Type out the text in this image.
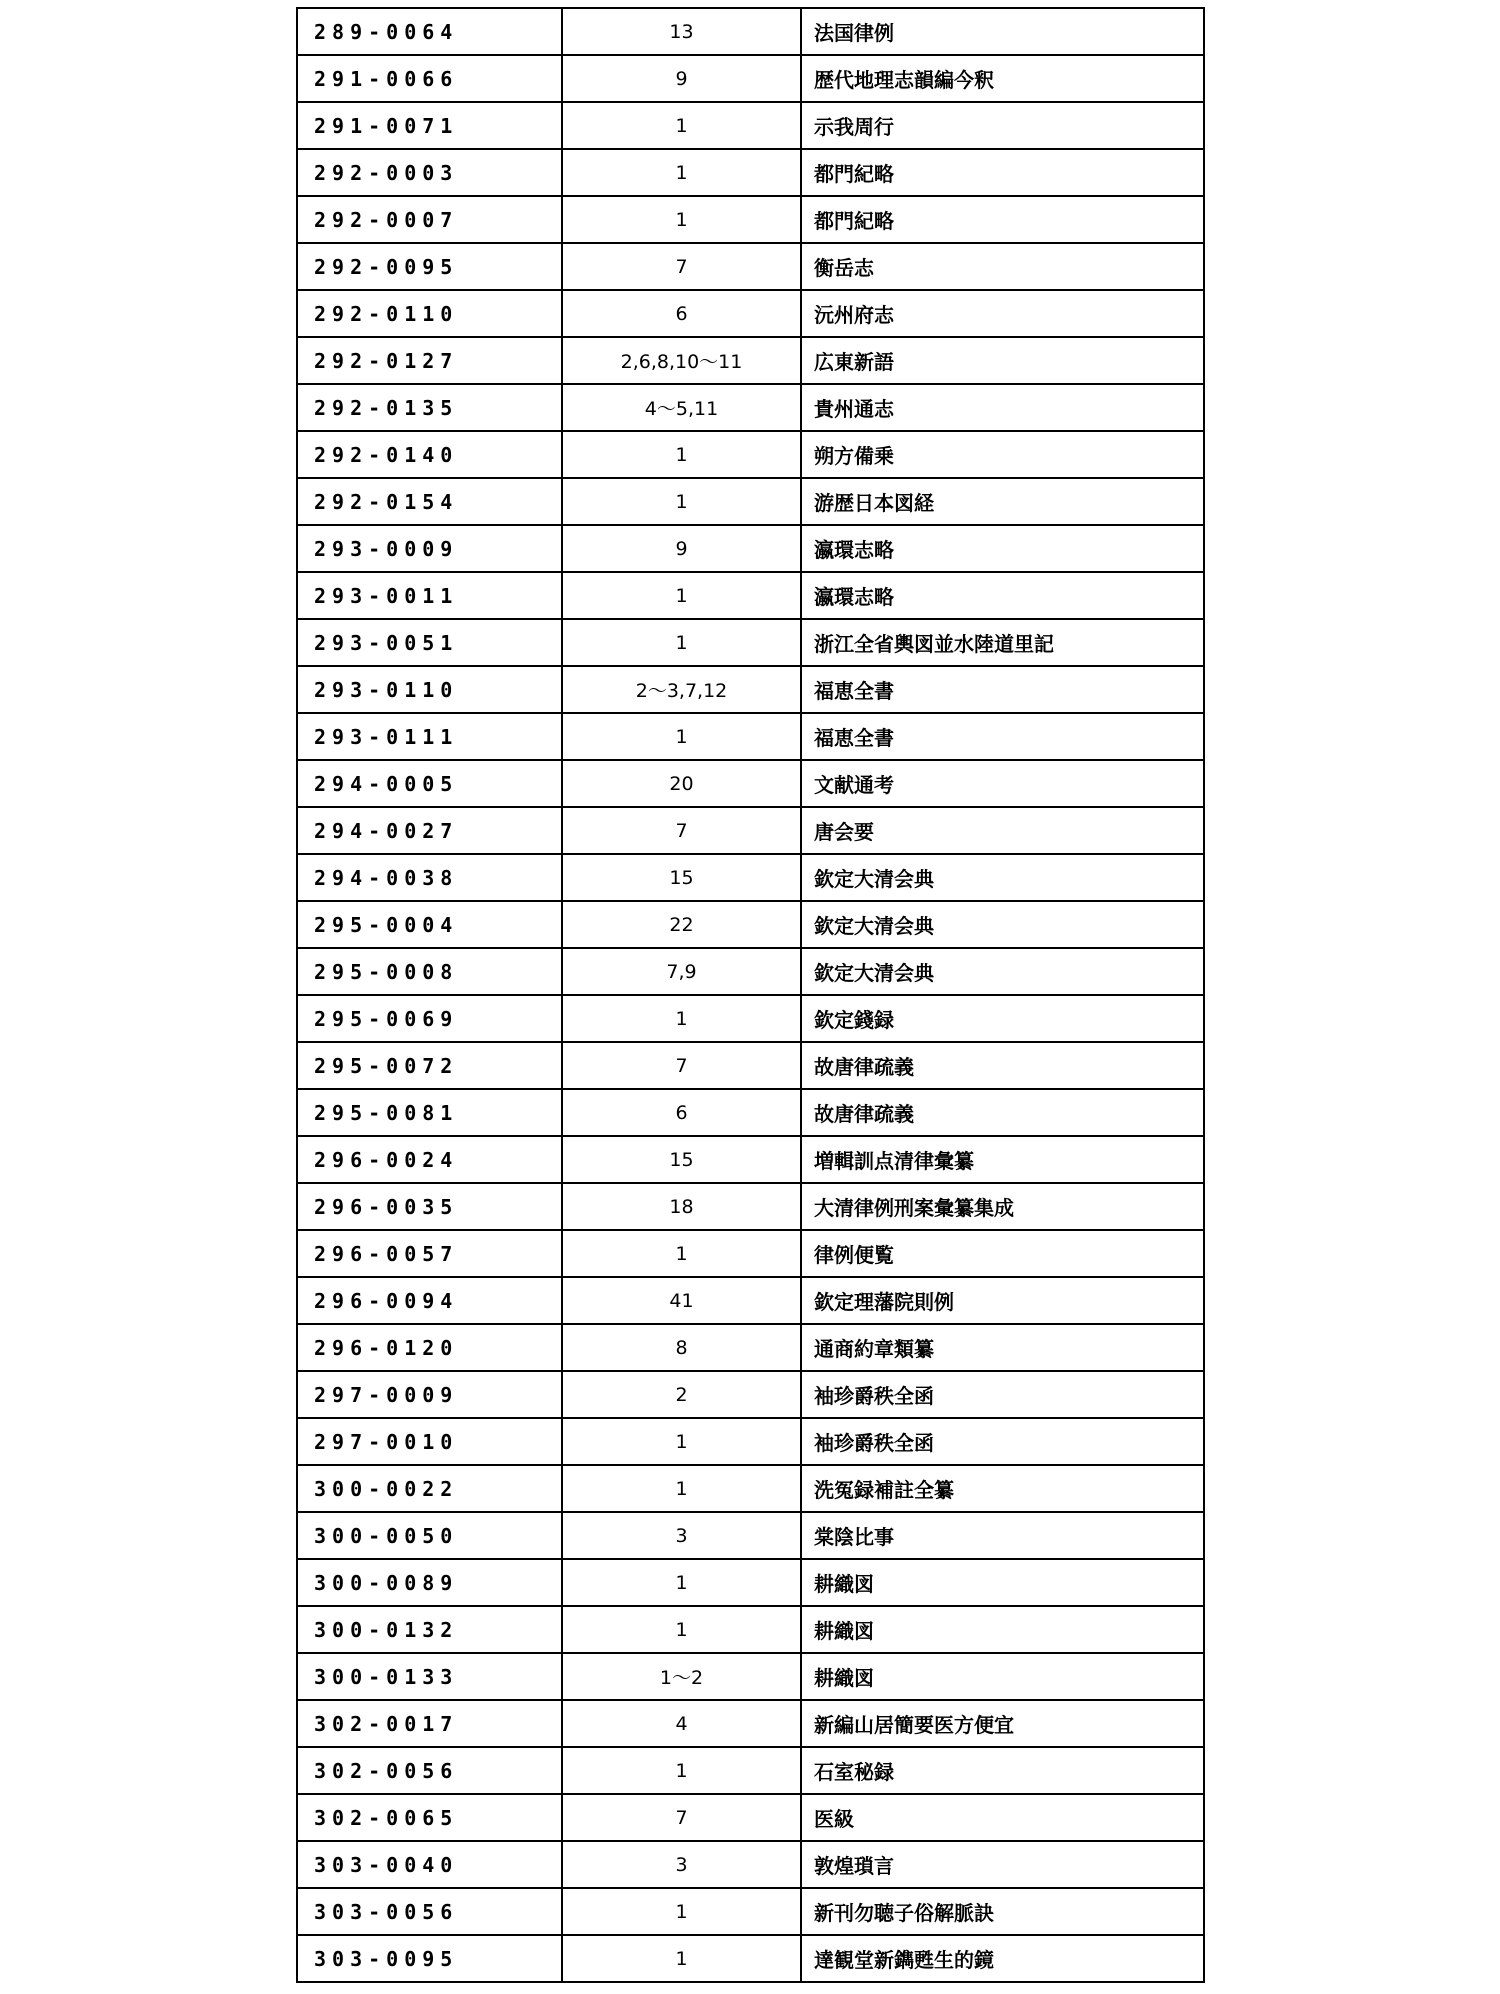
289-0064	13	法国律例
291-0066	9	歴代地理志韻編今釈
291-0071	1	示我周行
292-0003	1	都門紀略
292-0007	1	都門紀略
292-0095	7	衡岳志
292-0110	6	沅州府志
292-0127	2,6,8,10～11	広東新語
292-0135	4～5,11	貴州通志
292-0140	1	朔方備乗
292-0154	1	游歴日本図経
293-0009	9	瀛環志略
293-0011	1	瀛環志略
293-0051	1	浙江全省輿図並水陸道里記
293-0110	2～3,7,12	福恵全書
293-0111	1	福恵全書
294-0005	20	文献通考
294-0027	7	唐会要
294-0038	15	欽定大清会典
295-0004	22	欽定大清会典
295-0008	7,9	欽定大清会典
295-0069	1	欽定錢録
295-0072	7	故唐律疏義
295-0081	6	故唐律疏義
296-0024	15	増輯訓点清律彙纂
296-0035	18	大清律例刑案彙纂集成
296-0057	1	律例便覧
296-0094	41	欽定理藩院則例
296-0120	8	通商約章類纂
297-0009	2	袖珍爵秩全函
297-0010	1	袖珍爵秩全函
300-0022	1	洗冤録補註全纂
300-0050	3	棠陰比事
300-0089	1	耕織図
300-0132	1	耕織図
300-0133	1～2	耕織図
302-0017	4	新編山居簡要医方便宜
302-0056	1	石室秘録
302-0065	7	医級
303-0040	3	敦煌瑣言
303-0056	1	新刊勿聴子俗解脈訣
303-0095	1	達観堂新鐫甦生的鏡
